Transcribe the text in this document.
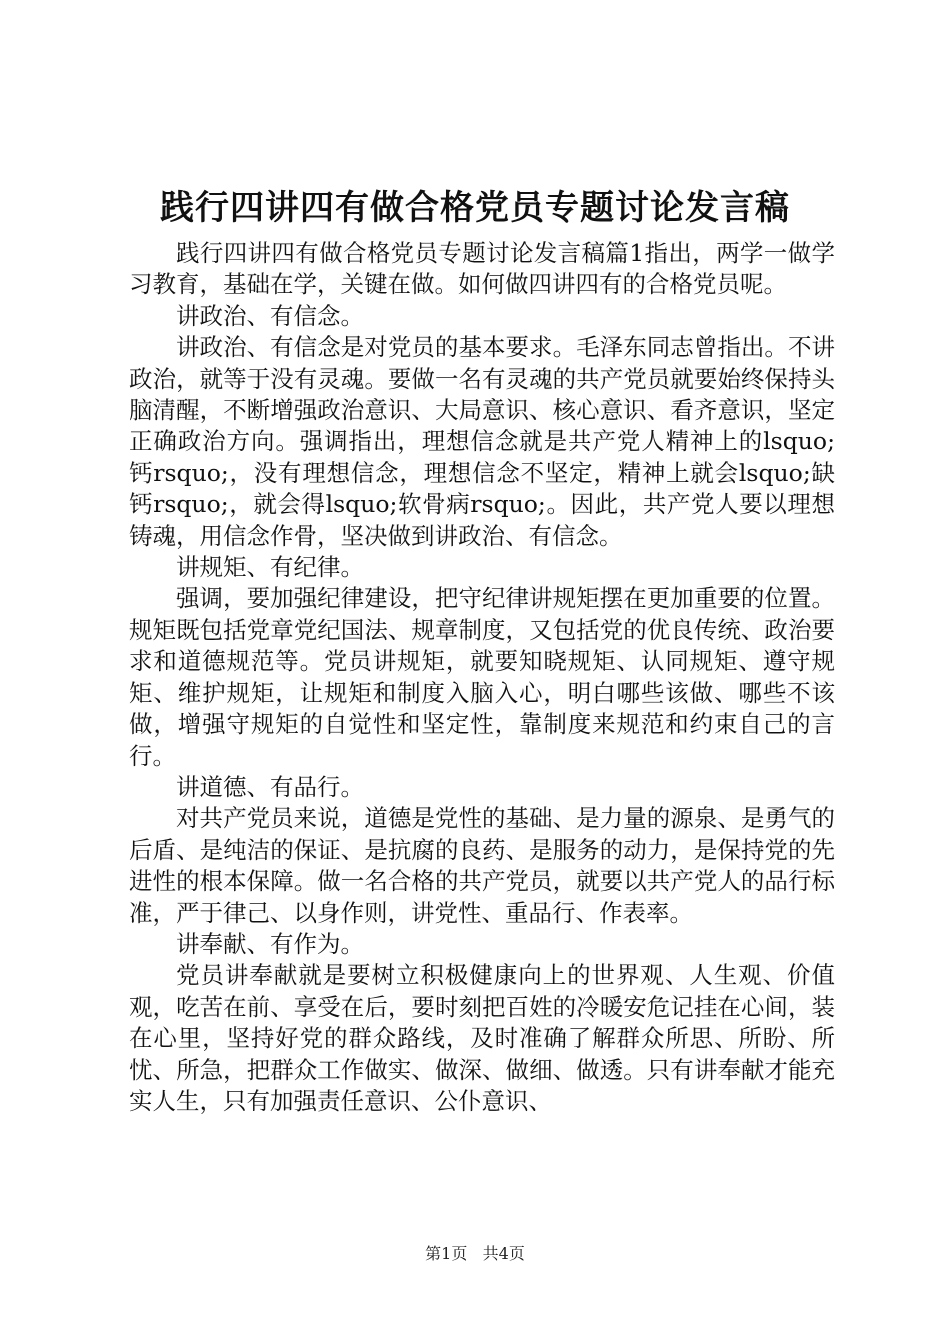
践行四讲四有做合格党员专题讨论发言稿

践行四讲四有做合格党员专题讨论发言稿篇1指出，两学一做学习教育，基础在学，关键在做。如何做四讲四有的合格党员呢。

讲政治、有信念。

讲政治、有信念是对党员的基本要求。毛泽东同志曾指出。不讲政治，就等于没有灵魂。要做一名有灵魂的共产党员就要始终保持头脑清醒，不断增强政治意识、大局意识、核心意识、看齐意识，坚定正确政治方向。强调指出，理想信念就是共产党人精神上的lsquo;钙rsquo;，没有理想信念，理想信念不坚定，精神上就会lsquo;缺钙rsquo;，就会得lsquo;软骨病rsquo;。因此，共产党人要以理想铸魂，用信念作骨，坚决做到讲政治、有信念。

讲规矩、有纪律。

强调，要加强纪律建设，把守纪律讲规矩摆在更加重要的位置。规矩既包括党章党纪国法、规章制度，又包括党的优良传统、政治要求和道德规范等。党员讲规矩，就要知晓规矩、认同规矩、遵守规矩、维护规矩，让规矩和制度入脑入心，明白哪些该做、哪些不该做，增强守规矩的自觉性和坚定性，靠制度来规范和约束自己的言行。

讲道德、有品行。

对共产党员来说，道德是党性的基础、是力量的源泉、是勇气的后盾、是纯洁的保证、是抗腐的良药、是服务的动力，是保持党的先进性的根本保障。做一名合格的共产党员，就要以共产党人的品行标准，严于律己、以身作则，讲党性、重品行、作表率。

讲奉献、有作为。

党员讲奉献就是要树立积极健康向上的世界观、人生观、价值观，吃苦在前、享受在后，要时刻把百姓的冷暖安危记挂在心间，装在心里，坚持好党的群众路线，及时准确了解群众所思、所盼、所忧、所急，把群众工作做实、做深、做细、做透。只有讲奉献才能充实人生，只有加强责任意识、公仆意识、

第1页 共4页
